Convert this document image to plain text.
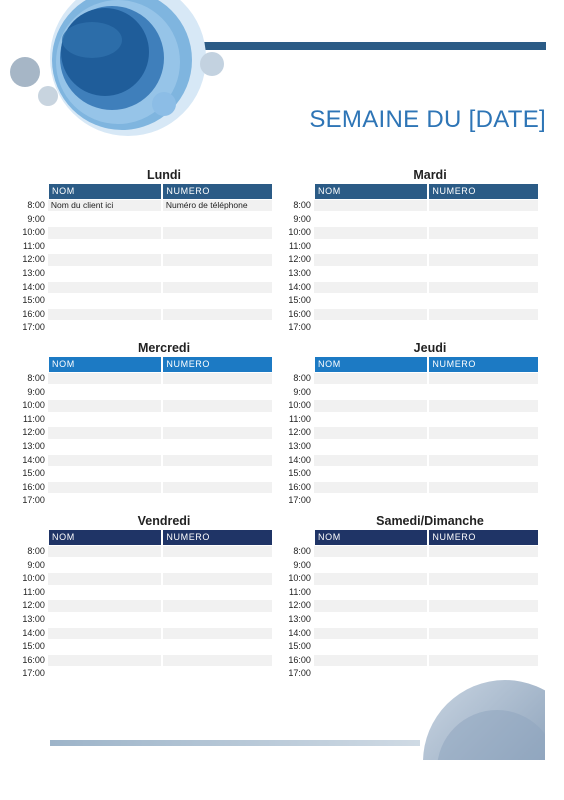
SEMAINE DU [DATE]
Lundi
NOM	NUMERO
8:00 Nom du client ici	Numéro de téléphone
9:00
10:00
11:00
12:00
13:00
14:00
15:00
16:00
17:00
Mardi
NOM	NUMERO
8:00
9:00
10:00
11:00
12:00
13:00
14:00
15:00
16:00
17:00
Mercredi
NOM	NUMERO
8:00
9:00
10:00
11:00
12:00
13:00
14:00
15:00
16:00
17:00
Jeudi
NOM	NUMERO
8:00
9:00
10:00
11:00
12:00
13:00
14:00
15:00
16:00
17:00
Vendredi
NOM	NUMERO
8:00
9:00
10:00
11:00
12:00
13:00
14:00
15:00
16:00
17:00
Samedi/Dimanche
NOM	NUMERO
8:00
9:00
10:00
11:00
12:00
13:00
14:00
15:00
16:00
17:00
